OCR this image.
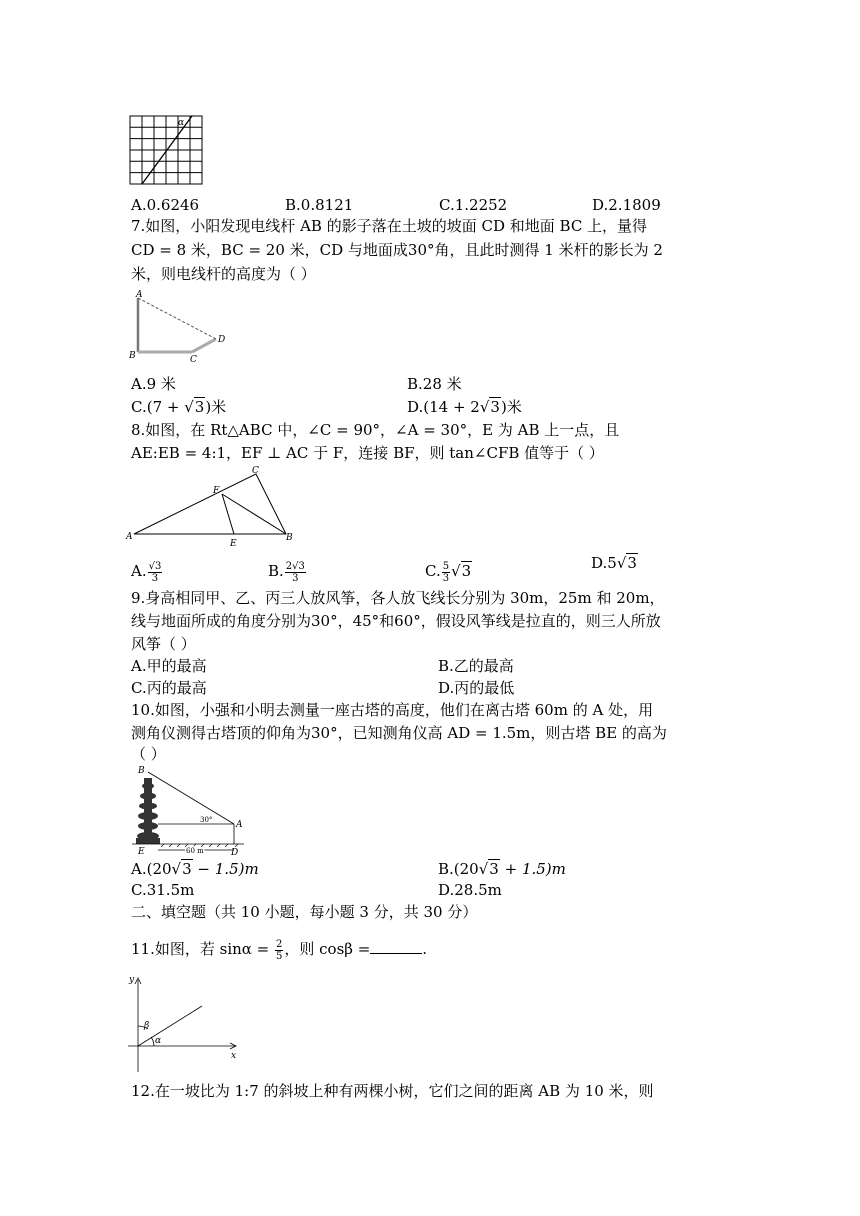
α
A.0.6246	B.0.8121	C.1.2252	D.2.1809
7.如图，小阳发现电线杆 AB 的影子落在土坡的坡面 CD 和地面 BC 上，量得
CD = 8 米，BC = 20 米，CD 与地面成30°角，且此时测得 1 米杆的影长为 2
米，则电线杆的高度为（ ）
A
B	C
D
A.9 米	B.28 米
C.(7 + √3)米	D.(14 + 2√3)米
8.如图，在 Rt△ABC 中，∠C = 90°，∠A = 30°，E 为 AB 上一点，且
AE:EB = 4:1，EF ⊥ AC 于 F，连接 BF，则 tan∠CFB 值等于（ ）
A	B
C
E
F
A. $\frac{√3}{3}$	B. $\frac{2√3}{3}$	C. $\frac{5}{3} √3$	D.5√3
9.身高相同甲、乙、丙三人放风筝，各人放飞线长分别为 30m，25m 和 20m，
线与地面所成的角度分别为30°，45°和60°，假设风筝线是拉直的，则三人所放
风筝（ ）
A.甲的最高	B.乙的最高
C.丙的最高	D.丙的最低
10.如图，小强和小明去测量一座古塔的高度，他们在离古塔 60m 的 A 处，用
测角仪测得古塔顶的仰角为30°，已知测角仪高 AD = 1.5m，则古塔 BE 的高为
（ ）
B
A
30°
E	D
60 m
A.(20√3 − 1.5)m	B.(20√3 + 1.5)m
C.31.5m	D.28.5m
二、填空题（共 10 小题，每小题 3 分，共 30 分）
11.如图，若 $\sin\alpha = \frac{2}{5}$ ，则 cosβ =	.
y
x
β
α
12.在一坡比为 1:7 的斜坡上种有两棵小树，它们之间的距离 AB 为 10 米，则
